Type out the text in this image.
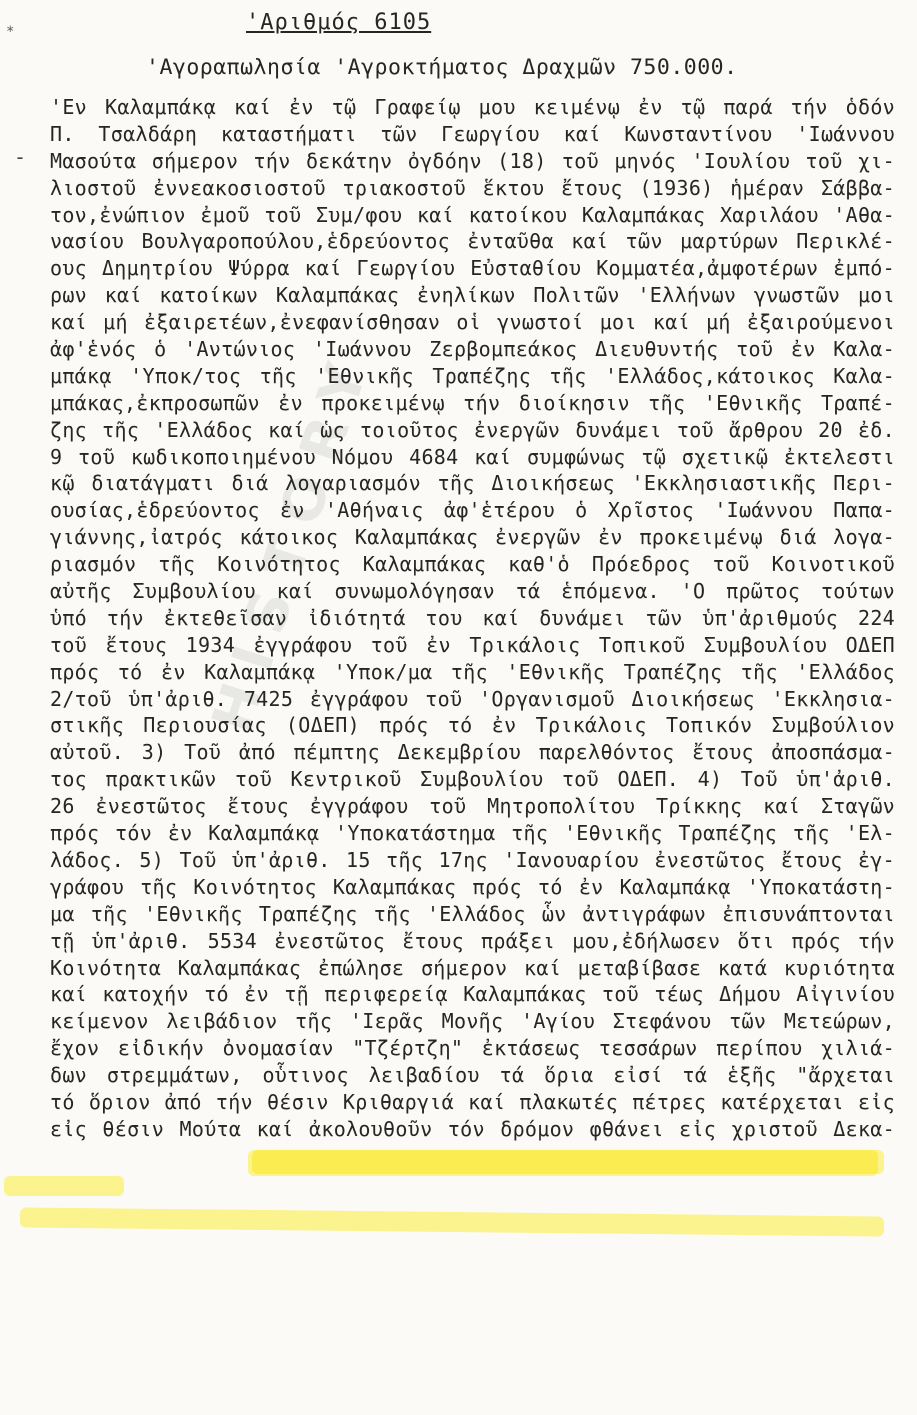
*
-
HISTORY
'Αριθμός 6105
'Αγοραπωλησία 'Αγροκτήματος Δραχμῶν 750.000.
'Εν Καλαμπάκᾳ καί ἐν τῷ Γραφείῳ μου κειμένῳ ἐν τῷ παρά τήν ὁδόν
Π. Τσαλδάρη καταστήματι τῶν Γεωργίου καί Κωνσταντίνου 'Ιωάννου
Μασούτα σήμερον τήν δεκάτην ὀγδόην (18) τοῦ μηνός 'Ιουλίου τοῦ χι-
λιοστοῦ ἐννεακοσιοστοῦ τριακοστοῦ ἕκτου ἔτους (1936) ἡμέραν Σάββα-
τον,ἐνώπιον ἐμοῦ τοῦ Συμ/φου καί κατοίκου Καλαμπάκας Χαριλάου 'Αθα-
νασίου Βουλγαροπούλου,ἑδρεύοντος ἐνταῦθα καί τῶν μαρτύρων Περικλέ-
ους Δημητρίου Ψύρρα καί Γεωργίου Εὐσταθίου Κομματέα,ἀμφοτέρων ἐμπό-
ρων καί κατοίκων Καλαμπάκας ἐνηλίκων Πολιτῶν 'Ελλήνων γνωστῶν μοι
καί μή ἐξαιρετέων,ἐνεφανίσθησαν οἱ γνωστοί μοι καί μή ἐξαιρούμενοι
ἀφ'ἑνός ὁ 'Αντώνιος 'Ιωάννου Ζερβομπεάκος Διευθυντής τοῦ ἐν Καλα-
μπάκᾳ 'Υποκ/τος τῆς 'Εθνικῆς Τραπέζης τῆς 'Ελλάδος,κάτοικος Καλα-
μπάκας,ἐκπροσωπῶν ἐν προκειμένῳ τήν διοίκησιν τῆς 'Εθνικῆς Τραπέ-
ζης τῆς 'Ελλάδος καί ὡς τοιοῦτος ἐνεργῶν δυνάμει τοῦ ἄρθρου 20 ἐδ.
9 τοῦ κωδικοποιημένου Νόμου 4684 καί συμφώνως τῷ σχετικῷ ἐκτελεστι
κῷ διατάγματι διά λογαριασμόν τῆς Διοικήσεως 'Εκκλησιαστικῆς Περι-
ουσίας,ἑδρεύοντος ἐν 'Αθήναις ἀφ'ἑτέρου ὁ Χρῖστος 'Ιωάννου Παπα-
γιάννης,ἰατρός κάτοικος Καλαμπάκας ἐνεργῶν ἐν προκειμένῳ διά λογα-
ριασμόν τῆς Κοινότητος Καλαμπάκας καθ'ὁ Πρόεδρος τοῦ Κοινοτικοῦ
αὐτῆς Συμβουλίου καί συνωμολόγησαν τά ἑπόμενα. 'Ο πρῶτος τούτων
ὑπό τήν ἐκτεθεῖσαν ἰδιότητά του καί δυνάμει τῶν ὑπ'ἀριθμούς 224
τοῦ ἔτους 1934 ἐγγράφου τοῦ ἐν Τρικάλοις Τοπικοῦ Συμβουλίου ΟΔΕΠ
πρός τό ἐν Καλαμπάκᾳ 'Υποκ/μα τῆς 'Εθνικῆς Τραπέζης τῆς 'Ελλάδος
2/τοῦ ὑπ'ἀριθ. 7425 ἐγγράφου τοῦ 'Οργανισμοῦ Διοικήσεως 'Εκκλησια-
στικῆς Περιουσίας (ΟΔΕΠ) πρός τό ἐν Τρικάλοις Τοπικόν Συμβούλιον
αὐτοῦ. 3) Τοῦ ἀπό πέμπτης Δεκεμβρίου παρελθόντος ἔτους ἀποσπάσμα-
τος πρακτικῶν τοῦ Κεντρικοῦ Συμβουλίου τοῦ ΟΔΕΠ. 4) Τοῦ ὑπ'ἀριθ.
26 ἐνεστῶτος ἔτους ἐγγράφου τοῦ Μητροπολίτου Τρίκκης καί Σταγῶν
πρός τόν ἐν Καλαμπάκᾳ 'Υποκατάστημα τῆς 'Εθνικῆς Τραπέζης τῆς 'Ελ-
λάδος. 5) Τοῦ ὑπ'ἀριθ. 15 τῆς 17ης 'Ιανουαρίου ἐνεστῶτος ἔτους ἐγ-
γράφου τῆς Κοινότητος Καλαμπάκας πρός τό ἐν Καλαμπάκᾳ 'Υποκατάστη-
μα τῆς 'Εθνικῆς Τραπέζης τῆς 'Ελλάδος ὧν ἀντιγράφων ἐπισυνάπτονται
τῇ ὑπ'ἀριθ. 5534 ἐνεστῶτος ἔτους πράξει μου,ἐδήλωσεν ὅτι πρός τήν
Κοινότητα Καλαμπάκας ἐπώλησε σήμερον καί μεταβίβασε κατά κυριότητα
καί κατοχήν τό ἐν τῇ περιφερείᾳ Καλαμπάκας τοῦ τέως Δήμου Αἰγινίου
κείμενον λειβάδιον τῆς 'Ιερᾶς Μονῆς 'Αγίου Στεφάνου τῶν Μετεώρων,
ἔχον εἰδικήν ὀνομασίαν "Τζέρτζη" ἐκτάσεως τεσσάρων περίπου χιλιά-
δων στρεμμάτων, οὗτινος λειβαδίου τά ὅρια εἰσί τά ἑξῆς "ἄρχεται
τό ὅριον ἀπό τήν θέσιν Κριθαργιά καί πλακωτές πέτρες κατέρχεται εἰς
εἰς θέσιν Μούτα καί ἀκολουθοῦν τόν δρόμον φθάνει εἰς χριστοῦ Δεκα-
